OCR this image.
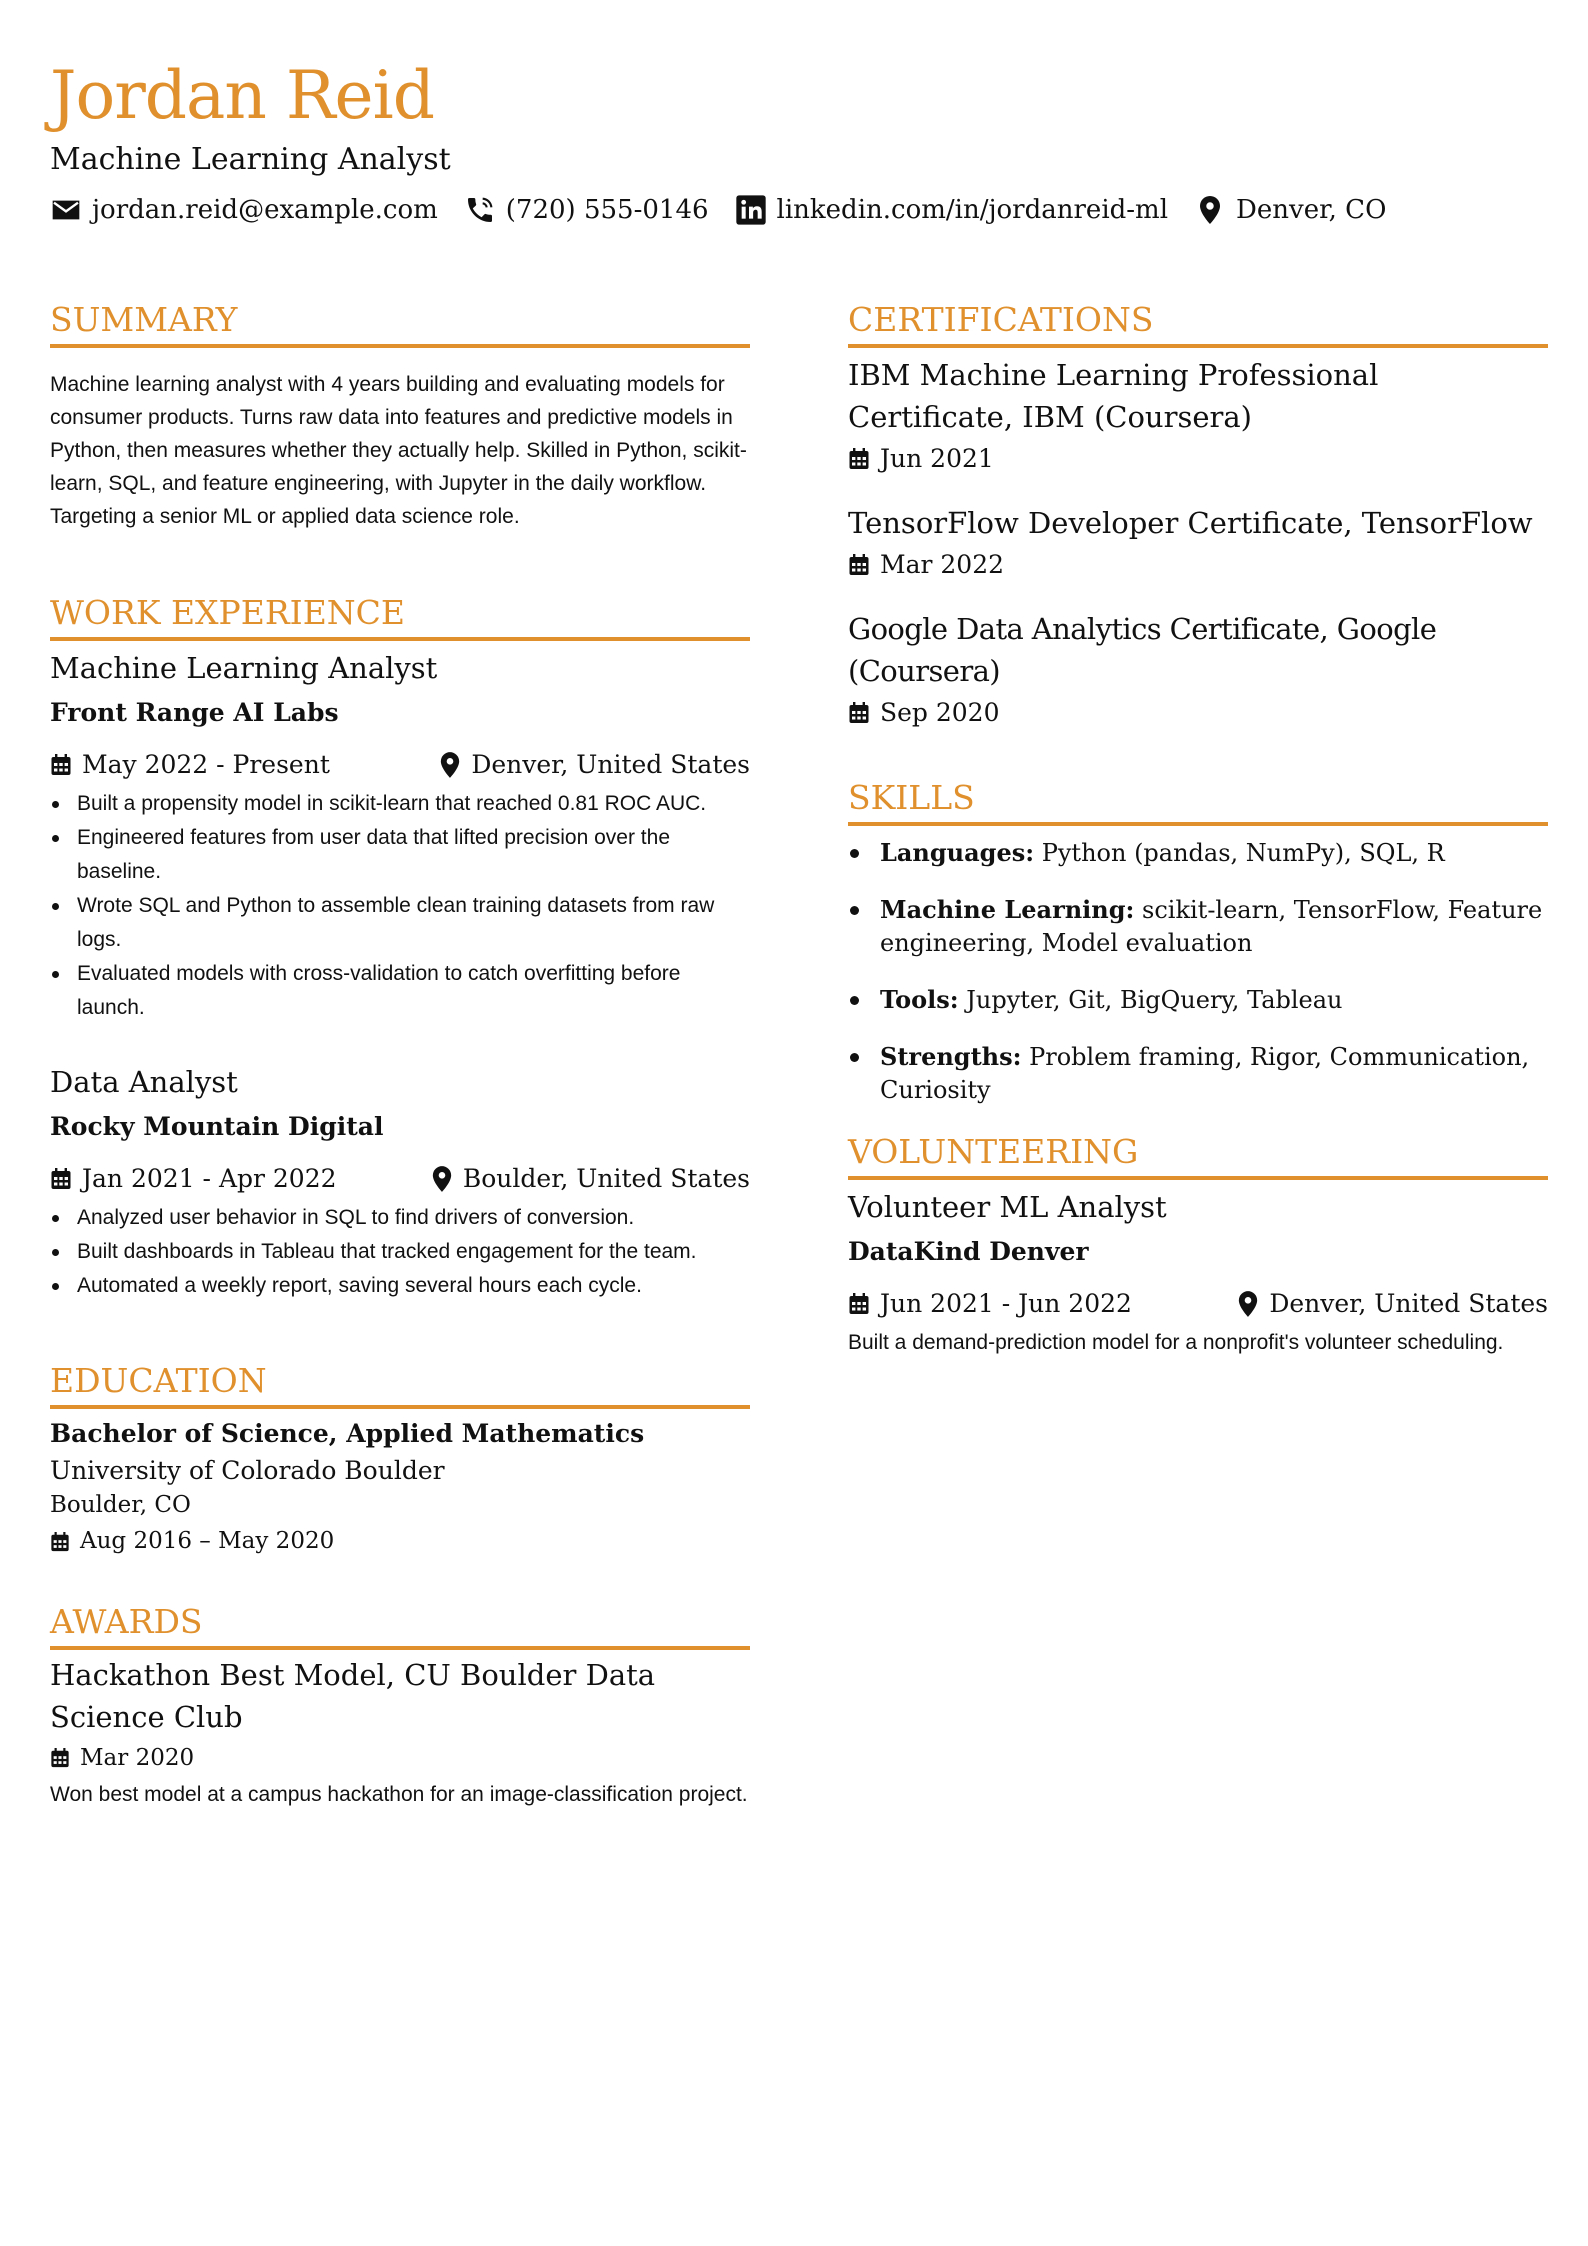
Jordan Reid
Machine Learning Analyst
jordan.reid@example.com	(720) 555-0146	linkedin.com/in/jordanreid-ml	Denver, CO
SUMMARY
Machine learning analyst with 4 years building and evaluating models for consumer products. Turns raw data into features and predictive models in Python, then measures whether they actually help. Skilled in Python, scikit-learn, SQL, and feature engineering, with Jupyter in the daily workflow. Targeting a senior ML or applied data science role.
WORK EXPERIENCE
Machine Learning Analyst
Front Range AI Labs
May 2022 - Present	Denver, United States
Built a propensity model in scikit-learn that reached 0.81 ROC AUC.
Engineered features from user data that lifted precision over the baseline.
Wrote SQL and Python to assemble clean training datasets from raw logs.
Evaluated models with cross-validation to catch overfitting before launch.
Data Analyst
Rocky Mountain Digital
Jan 2021 - Apr 2022	Boulder, United States
Analyzed user behavior in SQL to find drivers of conversion.
Built dashboards in Tableau that tracked engagement for the team.
Automated a weekly report, saving several hours each cycle.
EDUCATION
Bachelor of Science, Applied Mathematics
University of Colorado Boulder
Boulder, CO
Aug 2016 – May 2020
AWARDS
Hackathon Best Model, CU Boulder Data Science Club
Mar 2020
Won best model at a campus hackathon for an image-classification project.
CERTIFICATIONS
IBM Machine Learning Professional Certificate, IBM (Coursera)
Jun 2021
TensorFlow Developer Certificate, TensorFlow
Mar 2022
Google Data Analytics Certificate, Google (Coursera)
Sep 2020
SKILLS
Languages: Python (pandas, NumPy), SQL, R
Machine Learning: scikit-learn, TensorFlow, Feature engineering, Model evaluation
Tools: Jupyter, Git, BigQuery, Tableau
Strengths: Problem framing, Rigor, Communication, Curiosity
VOLUNTEERING
Volunteer ML Analyst
DataKind Denver
Jun 2021 - Jun 2022	Denver, United States
Built a demand-prediction model for a nonprofit's volunteer scheduling.
